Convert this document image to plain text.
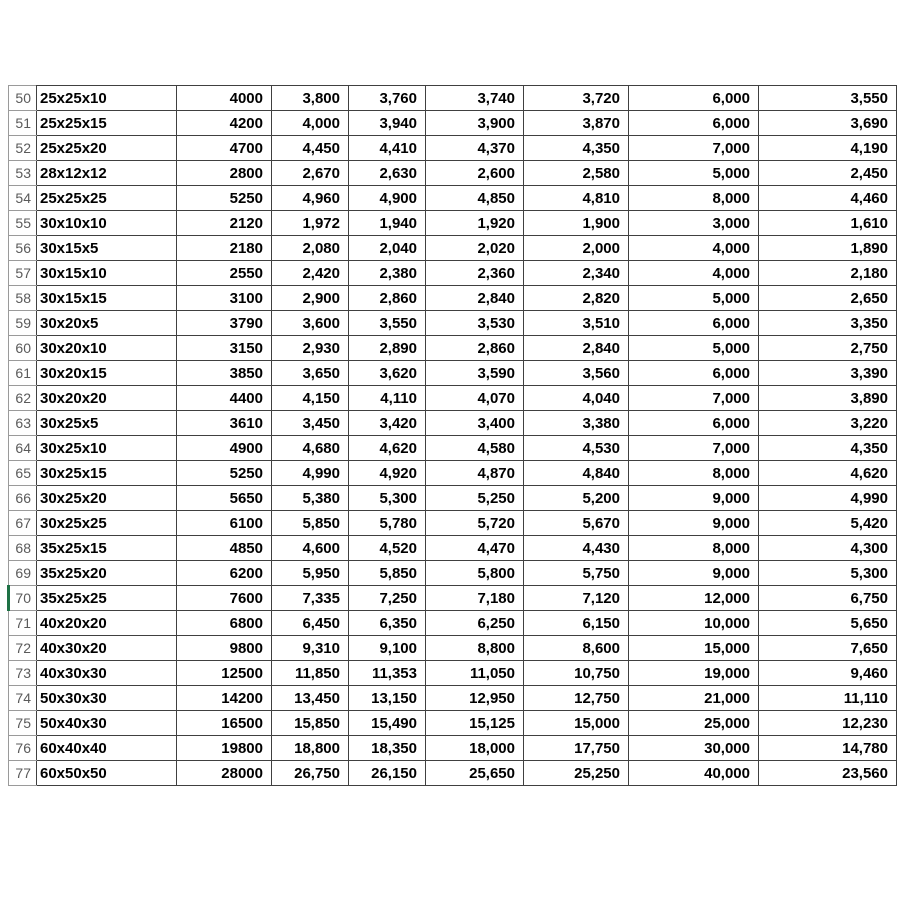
50	25x25x10	4000	3,800	3,760	3,740	3,720	6,000	3,550
51	25x25x15	4200	4,000	3,940	3,900	3,870	6,000	3,690
52	25x25x20	4700	4,450	4,410	4,370	4,350	7,000	4,190
53	28x12x12	2800	2,670	2,630	2,600	2,580	5,000	2,450
54	25x25x25	5250	4,960	4,900	4,850	4,810	8,000	4,460
55	30x10x10	2120	1,972	1,940	1,920	1,900	3,000	1,610
56	30x15x5	2180	2,080	2,040	2,020	2,000	4,000	1,890
57	30x15x10	2550	2,420	2,380	2,360	2,340	4,000	2,180
58	30x15x15	3100	2,900	2,860	2,840	2,820	5,000	2,650
59	30x20x5	3790	3,600	3,550	3,530	3,510	6,000	3,350
60	30x20x10	3150	2,930	2,890	2,860	2,840	5,000	2,750
61	30x20x15	3850	3,650	3,620	3,590	3,560	6,000	3,390
62	30x20x20	4400	4,150	4,110	4,070	4,040	7,000	3,890
63	30x25x5	3610	3,450	3,420	3,400	3,380	6,000	3,220
64	30x25x10	4900	4,680	4,620	4,580	4,530	7,000	4,350
65	30x25x15	5250	4,990	4,920	4,870	4,840	8,000	4,620
66	30x25x20	5650	5,380	5,300	5,250	5,200	9,000	4,990
67	30x25x25	6100	5,850	5,780	5,720	5,670	9,000	5,420
68	35x25x15	4850	4,600	4,520	4,470	4,430	8,000	4,300
69	35x25x20	6200	5,950	5,850	5,800	5,750	9,000	5,300
70	35x25x25	7600	7,335	7,250	7,180	7,120	12,000	6,750
71	40x20x20	6800	6,450	6,350	6,250	6,150	10,000	5,650
72	40x30x20	9800	9,310	9,100	8,800	8,600	15,000	7,650
73	40x30x30	12500	11,850	11,353	11,050	10,750	19,000	9,460
74	50x30x30	14200	13,450	13,150	12,950	12,750	21,000	11,110
75	50x40x30	16500	15,850	15,490	15,125	15,000	25,000	12,230
76	60x40x40	19800	18,800	18,350	18,000	17,750	30,000	14,780
77	60x50x50	28000	26,750	26,150	25,650	25,250	40,000	23,560
